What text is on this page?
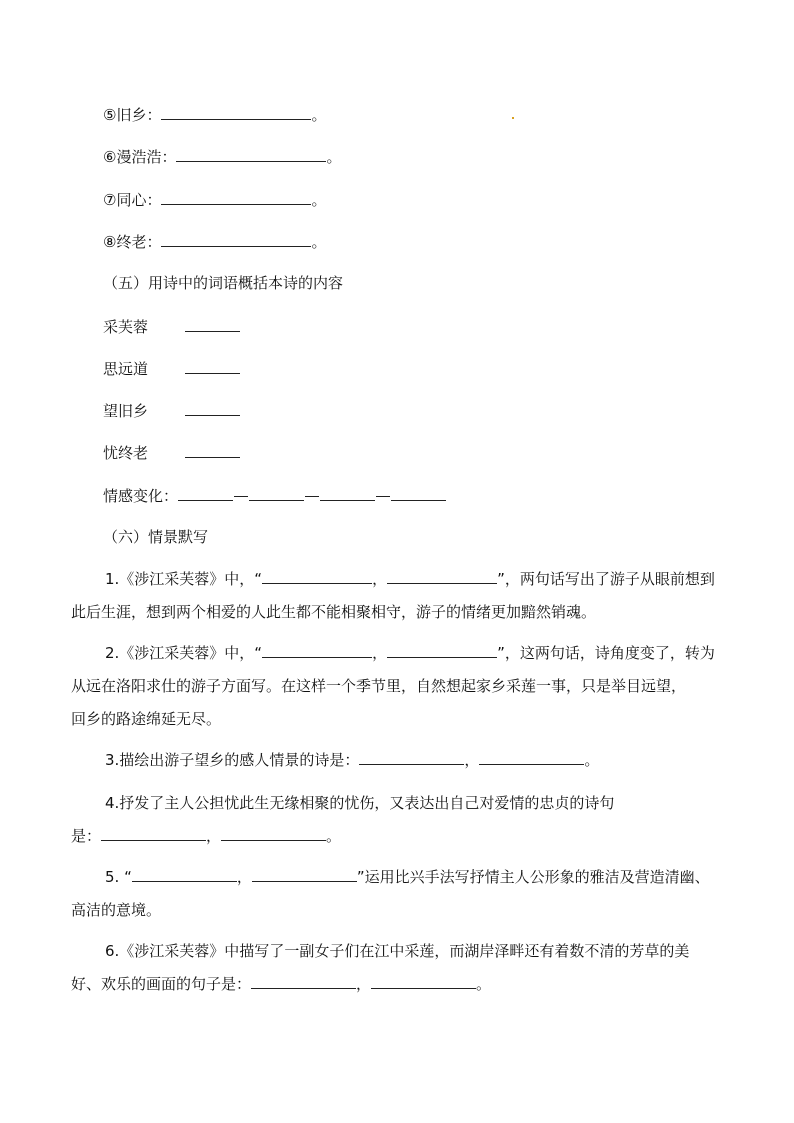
⑤旧乡：	。
⑥漫浩浩：	。
⑦同心：	。
⑧终老：	。
（五）用诗中的词语概括本诗的内容
采芙蓉
思远道
望旧乡
忧终老
情感变化：
（六）情景默写
1.《涉江采芙蓉》中，“	，	”，两句话写出了游子从眼前想到
此后生涯，想到两个相爱的人此生都不能相聚相守，游子的情绪更加黯然销魂。
2.《涉江采芙蓉》中，“	，	”，这两句话，诗角度变了，转为
从远在洛阳求仕的游子方面写。在这样一个季节里，自然想起家乡采莲一事，只是举目远望，
回乡的路途绵延无尽。
3.描绘出游子望乡的感人情景的诗是：	，	。
4.抒发了主人公担忧此生无缘相聚的忧伤，又表达出自己对爱情的忠贞的诗句
是：	，	。
5. “	，	”运用比兴手法写抒情主人公形象的雅洁及营造清幽、
高洁的意境。
6.《涉江采芙蓉》中描写了一副女子们在江中采莲，而湖岸泽畔还有着数不清的芳草的美
好、欢乐的画面的句子是：	，	。
